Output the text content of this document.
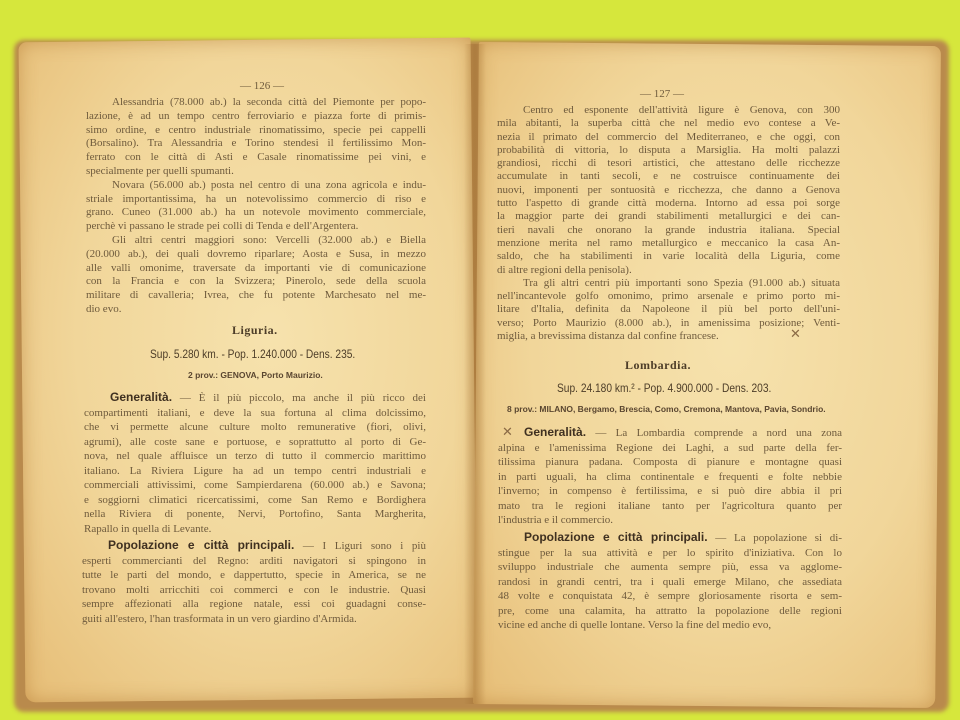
— 126 —
Alessandria (78.000 ab.) la seconda città del Piemonte per popo-
lazione, è ad un tempo centro ferroviario e piazza forte di primis-
simo ordine, e centro industriale rinomatissimo, specie pei cappelli
(Borsalino). Tra Alessandria e Torino stendesi il fertilissimo Mon-
ferrato con le città di Asti e Casale rinomatissime pei vini, e
specialmente per quelli spumanti.
Novara (56.000 ab.) posta nel centro di una zona agricola e indu-
striale importantissima, ha un notevolissimo commercio di riso e
grano. Cuneo (31.000 ab.) ha un notevole movimento commerciale,
perchè vi passano le strade pei colli di Tenda e dell'Argentera.
Gli altri centri maggiori sono: Vercelli (32.000 ab.) e Biella
(20.000 ab.), dei quali dovremo riparlare; Aosta e Susa, in mezzo
alle valli omonime, traversate da importanti vie di comunicazione
con la Francia e con la Svizzera; Pinerolo, sede della scuola
militare di cavalleria; Ivrea, che fu potente Marchesato nel me-
dio evo.
Liguria.
Sup. 5.280 km. - Pop. 1.240.000 - Dens. 235.
2 prov.: GENOVA, Porto Maurizio.
Generalità. — È il più piccolo, ma anche il più ricco dei
compartimenti italiani, e deve la sua fortuna al clima dolcissimo,
che vi permette alcune culture molto remunerative (fiori, olivi,
agrumi), alle coste sane e portuose, e soprattutto al porto di Ge-
nova, nel quale affluisce un terzo di tutto il commercio marittimo
italiano. La Riviera Ligure ha ad un tempo centri industriali e
commerciali attivissimi, come Sampierdarena (60.000 ab.) e Savona;
e soggiorni climatici ricercatissimi, come San Remo e Bordighera
nella Riviera di ponente, Nervi, Portofino, Santa Margherita,
Rapallo in quella di Levante.
Popolazione e città principali. — I Liguri sono i più
esperti commercianti del Regno: arditi navigatori si spingono in
tutte le parti del mondo, e dappertutto, specie in America, se ne
trovano molti arricchiti coi commerci e con le industrie. Quasi
sempre affezionati alla regione natale, essi coi guadagni conse-
guiti all'estero, l'han trasformata in un vero giardino d'Armida.
— 127 —
Centro ed esponente dell'attività ligure è Genova, con 300
mila abitanti, la superba città che nel medio evo contese a Ve-
nezia il primato del commercio del Mediterraneo, e che oggi, con
probabilità di vittoria, lo disputa a Marsiglia. Ha molti palazzi
grandiosi, ricchi di tesori artistici, che attestano delle ricchezze
accumulate in tanti secoli, e ne costruisce continuamente dei
nuovi, imponenti per sontuosità e ricchezza, che danno a Genova
tutto l'aspetto di grande città moderna. Intorno ad essa poi sorge
la maggior parte dei grandi stabilimenti metallurgici e dei can-
tieri navali che onorano la grande industria italiana. Special
menzione merita nel ramo metallurgico e meccanico la casa An-
saldo, che ha stabilimenti in varie località della Liguria, come
di altre regioni della penisola).
Tra gli altri centri più importanti sono Spezia (91.000 ab.) situata
nell'incantevole golfo omonimo, primo arsenale e primo porto mi-
litare d'Italia, definita da Napoleone il più bel porto dell'uni-
verso; Porto Maurizio (8.000 ab.), in amenissima posizione; Venti-
miglia, a brevissima distanza dal confine francese.	✕
Lombardia.
Sup. 24.180 km.² - Pop. 4.900.000 - Dens. 203.
8 prov.: MILANO, Bergamo, Brescia, Como, Cremona, Mantova, Pavia, Sondrio.
✕ Generalità. — La Lombardia comprende a nord una zona
alpina e l'amenissima Regione dei Laghi, a sud parte della fer-
tilissima pianura padana. Composta di pianure e montagne quasi
in parti uguali, ha clima continentale e frequenti e folte nebbie
l'inverno; in compenso è fertilissima, e si può dire abbia il pri
mato tra le regioni italiane tanto per l'agricoltura quanto per
l'industria e il commercio.
Popolazione e città principali. — La popolazione si di-
stingue per la sua attività e per lo spirito d'iniziativa. Con lo
sviluppo industriale che aumenta sempre più, essa va agglome-
randosi in grandi centri, tra i quali emerge Milano, che assediata
48 volte e conquistata 42, è sempre gloriosamente risorta e sem-
pre, come una calamita, ha attratto la popolazione delle regioni
vicine ed anche di quelle lontane. Verso la fine del medio evo,
